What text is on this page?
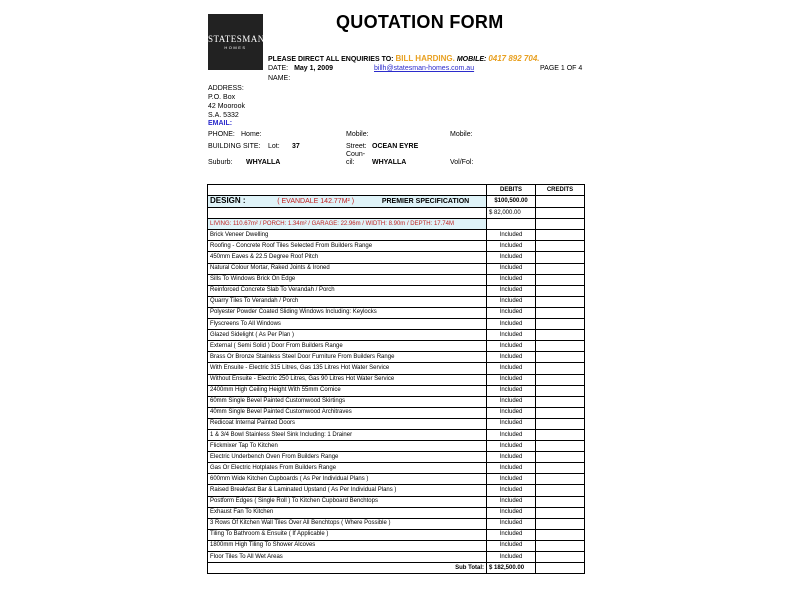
STATESMAN
HOMES
QUOTATION FORM
PLEASE DIRECT ALL ENQUIRIES TO: BILL HARDING. MOBILE: 0417 892 704.
DATE: May 1, 2009	billh@statesman-homes.com.au	PAGE 1 OF 4
NAME:
ADDRESS:
P.O. Box
42 Moorook
S.A. 5332
EMAIL:
PHONE: Home:	Mobile:	Mobile:
BUILDING SITE: Lot: 37	Street: OCEAN EYRE
Coun-
Suburb: WHYALLA	cil: WHYALLA	Vol/Fol:
	DEBITS	CREDITS
DESIGN : ( EVANDALE 142.77M² ) PREMIER SPECIFICATION	$100,500.00	
	$ 82,000.00	
LIVING: 110.67m² / PORCH: 1.34m² / GARAGE: 22.96m / WIDTH: 8.90m / DEPTH: 17.74M		
Brick Veneer Dwelling	Included	
Roofing - Concrete Roof Tiles Selected From Builders Range	Included	
450mm Eaves & 22.5 Degree Roof Pitch	Included	
Natural Colour Mortar, Raked Joints & Ironed	Included	
Sills To Windows Brick On Edge	Included	
Reinforced Concrete Slab To Verandah / Porch	Included	
Quarry Tiles To Verandah / Porch	Included	
Polyester Powder Coated Sliding Windows Including: Keylocks	Included	
Flyscreens To All Windows	Included	
Glazed Sidelight ( As Per Plan )	Included	
External ( Semi Solid ) Door From Builders Range	Included	
Brass Or Bronze Stainless Steel Door Furniture From Builders Range	Included	
With Ensuite - Electric 315 Litres, Gas 135 Litres Hot Water Service	Included	
Without Ensuite - Electric 250 Litres, Gas 90 Litres Hot Water Service	Included	
2400mm High Ceiling Height With 55mm Cornice	Included	
60mm Single Bevel Painted Customwood Skirtings	Included	
40mm Single Bevel Painted Customwood Architraves	Included	
Redicoat Internal Painted Doors	Included	
1 & 3/4 Bowl Stainless Steel Sink Including: 1 Drainer	Included	
Flickmixer Tap To Kitchen	Included	
Electric Underbench Oven From Builders Range	Included	
Gas Or Electric Hotplates From Builders Range	Included	
600mm Wide Kitchen Cupboards ( As Per Individual Plans )	Included	
Raised Breakfast Bar & Laminated Upstand ( As Per Individual Plans )	Included	
Postform Edges ( Single Roll ) To Kitchen Cupboard Benchtops	Included	
Exhaust Fan To Kitchen	Included	
3 Rows Of Kitchen Wall Tiles Over All Benchtops ( Where Possible )	Included	
Tiling To Bathroom & Ensuite ( If Applicable )	Included	
1800mm High Tiling To Shower Alcoves	Included	
Floor Tiles To All Wet Areas	Included	
Sub Total:	$ 182,500.00	
